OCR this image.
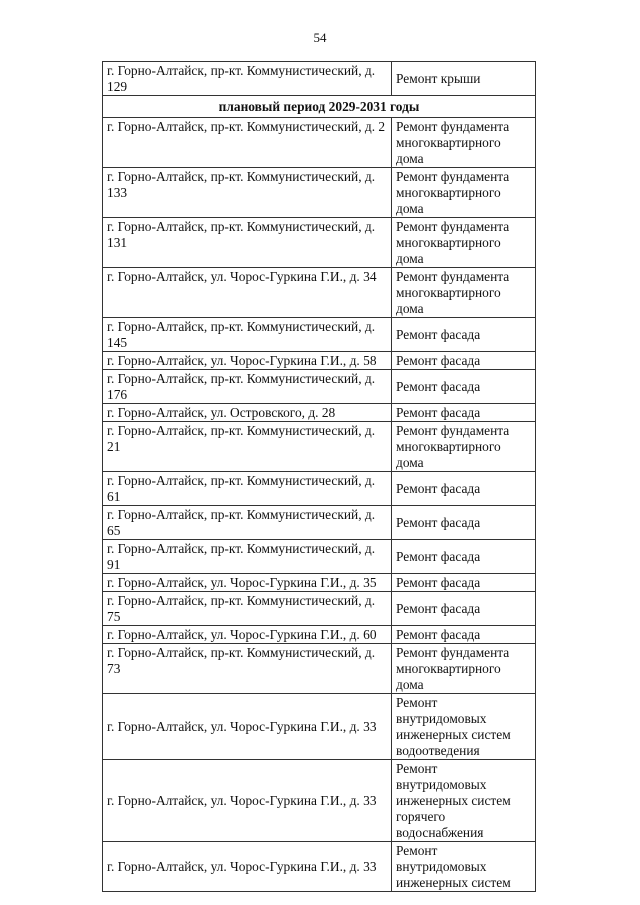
54
г. Горно-Алтайск, пр-кт. Коммунистический, д. 129	Ремонт крыши
плановый период 2029-2031 годы	
г. Горно-Алтайск, пр-кт. Коммунистический, д. 2	Ремонт фундамента многоквартирного дома
г. Горно-Алтайск, пр-кт. Коммунистический, д. 133	Ремонт фундамента многоквартирного дома
г. Горно-Алтайск, пр-кт. Коммунистический, д. 131	Ремонт фундамента многоквартирного дома
г. Горно-Алтайск, ул. Чорос-Гуркина Г.И., д. 34	Ремонт фундамента многоквартирного дома
г. Горно-Алтайск, пр-кт. Коммунистический, д. 145	Ремонт фасада
г. Горно-Алтайск, ул. Чорос-Гуркина Г.И., д. 58	Ремонт фасада
г. Горно-Алтайск, пр-кт. Коммунистический, д. 176	Ремонт фасада
г. Горно-Алтайск, ул. Островского, д. 28	Ремонт фасада
г. Горно-Алтайск, пр-кт. Коммунистический, д. 21	Ремонт фундамента многоквартирного дома
г. Горно-Алтайск, пр-кт. Коммунистический, д. 61	Ремонт фасада
г. Горно-Алтайск, пр-кт. Коммунистический, д. 65	Ремонт фасада
г. Горно-Алтайск, пр-кт. Коммунистический, д. 91	Ремонт фасада
г. Горно-Алтайск, ул. Чорос-Гуркина Г.И., д. 35	Ремонт фасада
г. Горно-Алтайск, пр-кт. Коммунистический, д. 75	Ремонт фасада
г. Горно-Алтайск, ул. Чорос-Гуркина Г.И., д. 60	Ремонт фасада
г. Горно-Алтайск, пр-кт. Коммунистический, д. 73	Ремонт фундамента многоквартирного дома
г. Горно-Алтайск, ул. Чорос-Гуркина Г.И., д. 33	Ремонт внутридомовых инженерных систем водоотведения
г. Горно-Алтайск, ул. Чорос-Гуркина Г.И., д. 33	Ремонт внутридомовых инженерных систем горячего водоснабжения
г. Горно-Алтайск, ул. Чорос-Гуркина Г.И., д. 33	Ремонт внутридомовых инженерных систем
